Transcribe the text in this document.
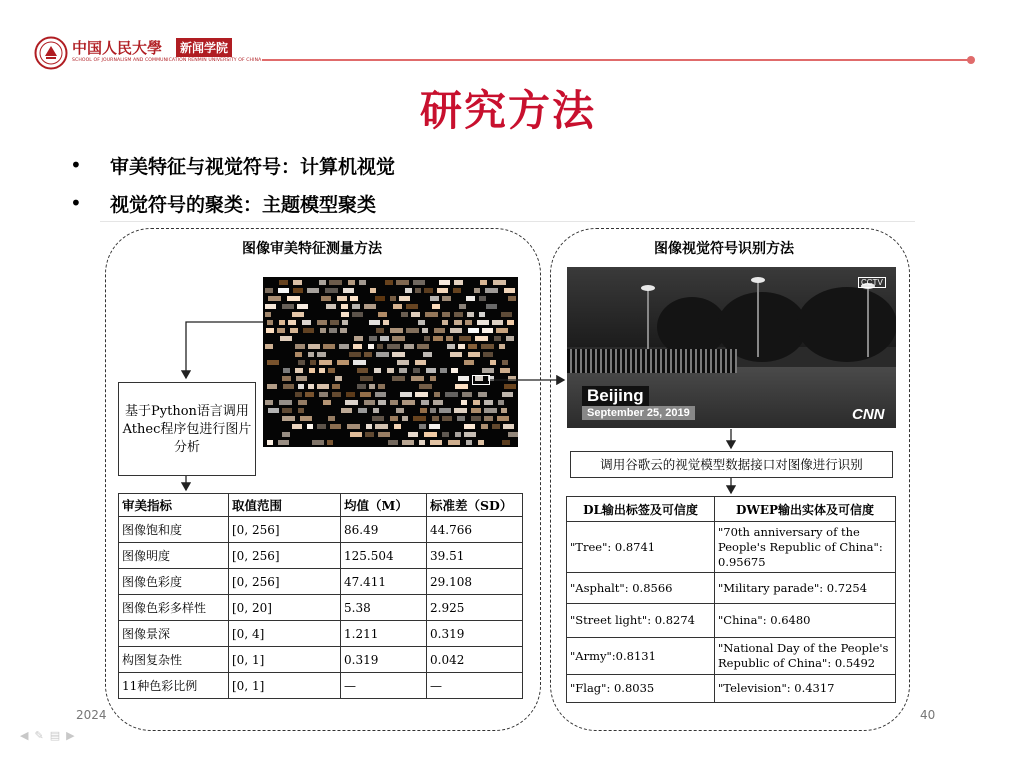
中国人民大學	新闻学院
SCHOOL OF JOURNALISM AND COMMUNICATION RENMIN UNIVERSITY OF CHINA
研究方法
•	审美特征与视觉符号：计算机视觉
•	视觉符号的聚类：主题模型聚类
图像审美特征测量方法	图像视觉符号识别方法
基于Python语言调用Athec程序包进行图片分析
审美指标	取值范围	均值（M）	标准差（SD）
图像饱和度	[0, 256]	86.49	44.766
图像明度	[0, 256]	125.504	39.51
图像色彩度	[0, 256]	47.411	29.108
图像色彩多样性	[0, 20]	5.38	2.925
图像景深	[0, 4]	1.211	0.319
构图复杂性	[0, 1]	0.319	0.042
11种色彩比例	[0, 1]	—	—
CCTV
Beijing
September 25, 2019	CNN
调用谷歌云的视觉模型数据接口对图像进行识别
DL输出标签及可信度	DWEP输出实体及可信度
"Tree": 0.8741	"70th anniversary of the People's Republic of China": 0.95675
"Asphalt": 0.8566	"Military parade": 0.7254
"Street light": 0.8274	"China": 0.6480
"Army":0.8131	"National Day of the People's Republic of China": 0.5492
"Flag": 0.8035	"Television": 0.4317
2024	40
◀ ✎ ▤ ▶
